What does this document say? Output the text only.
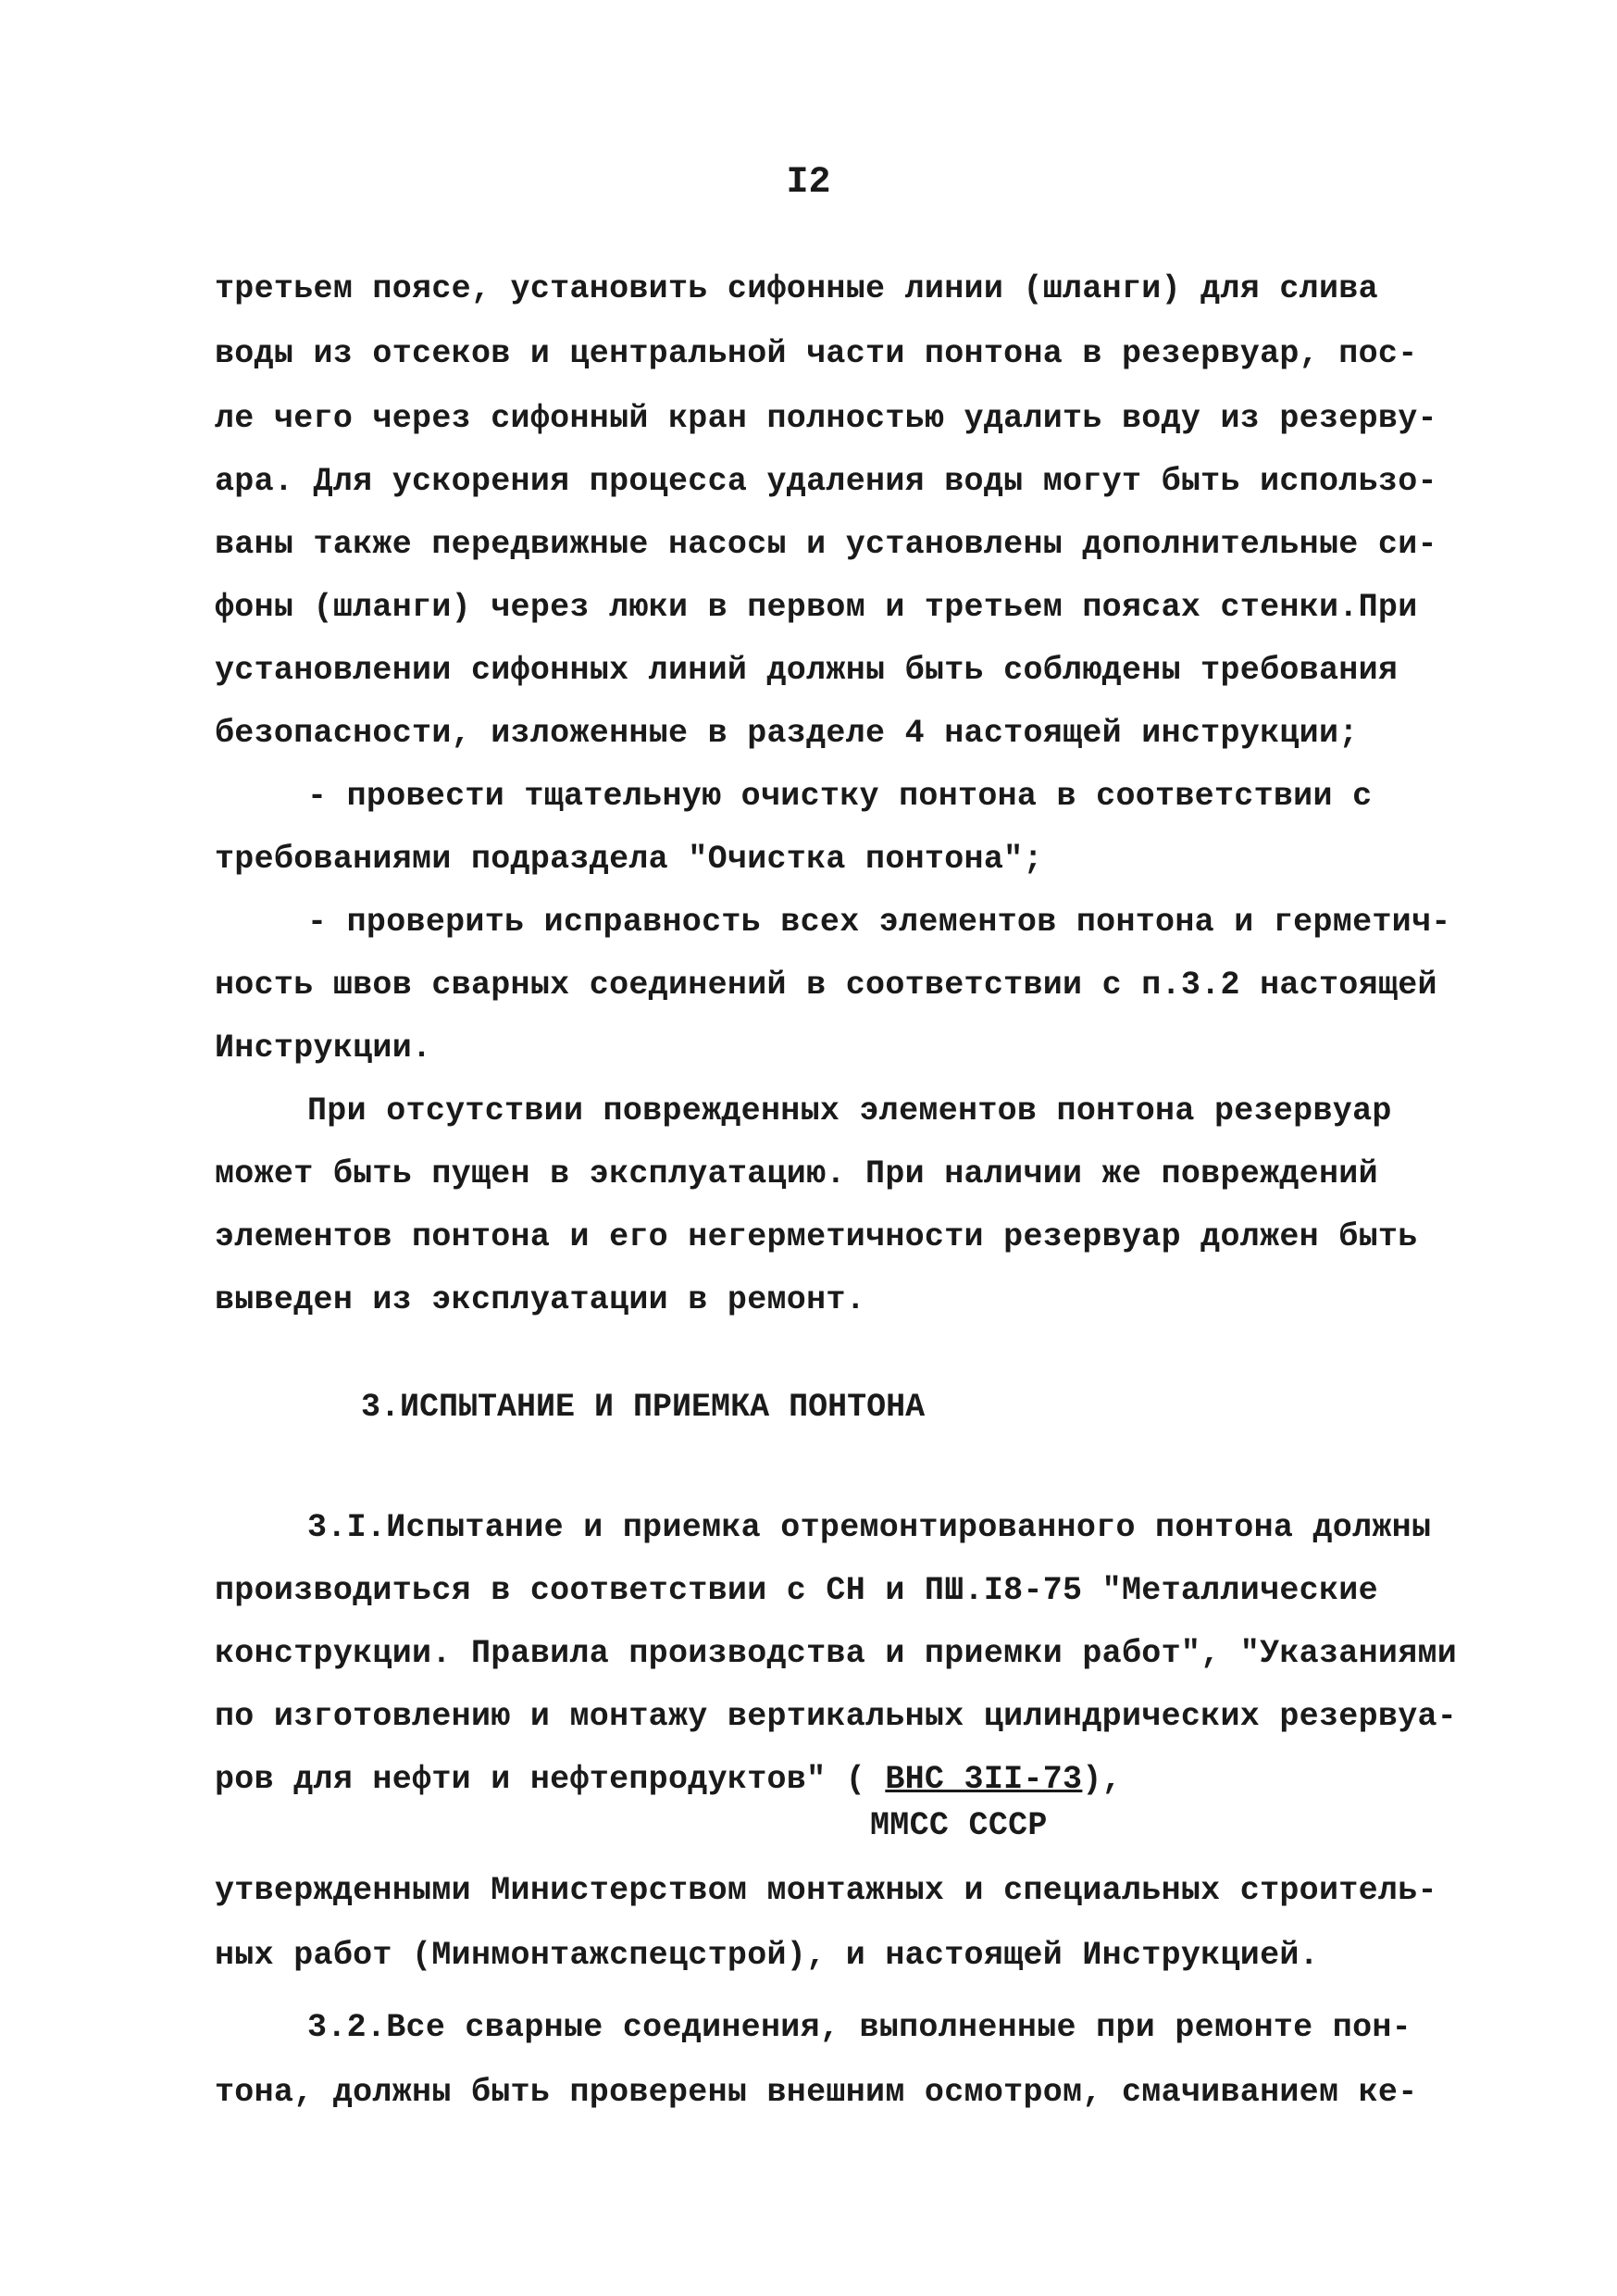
I2
третьем поясе, установить сифонные линии (шланги) для слива
воды из отсеков и центральной части понтона в резервуар, пос-
ле чего через сифонный кран полностью удалить воду из резерву-
ара. Для ускорения процесса удаления воды могут быть использо-
ваны также передвижные насосы и установлены дополнительные си-
фоны (шланги) через люки в первом и третьем поясах стенки.При
установлении сифонных линий должны быть соблюдены требования
безопасности, изложенные в разделе 4 настоящей инструкции;
- провести тщательную очистку понтона в соответствии с
требованиями подраздела "Очистка понтона";
- проверить исправность всех элементов понтона и герметич-
ность швов сварных соединений в соответствии с п.3.2 настоящей
Инструкции.
При отсутствии поврежденных элементов понтона резервуар
может быть пущен в эксплуатацию. При наличии же повреждений
элементов понтона и его негерметичности резервуар должен быть
выведен из эксплуатации в ремонт.
3.ИСПЫТАНИЕ И ПРИЕМКА ПОНТОНА
3.I.Испытание и приемка отремонтированного понтона должны
производиться в соответствии с СН и ПШ.I8-75 "Металлические
конструкции. Правила производства и приемки работ", "Указаниями
по изготовлению и монтажу вертикальных цилиндрических резервуа-
ров для нефти и нефтепродуктов" ( ВНС 3II-73),
ММСС СССР
утвержденными Министерством монтажных и специальных строитель-
ных работ (Минмонтажспецстрой), и настоящей Инструкцией.
3.2.Все сварные соединения, выполненные при ремонте пон-
тона, должны быть проверены внешним осмотром, смачиванием ке-
